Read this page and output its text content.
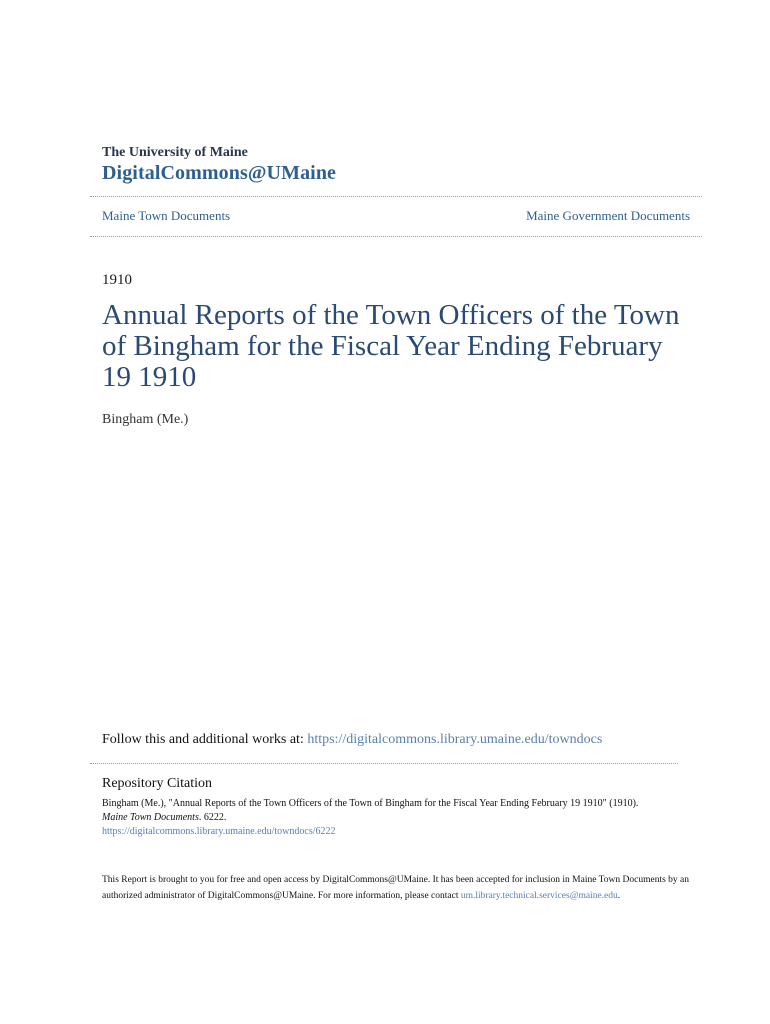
The University of Maine
DigitalCommons@UMaine
Maine Town Documents	Maine Government Documents
1910
Annual Reports of the Town Officers of the Town of Bingham for the Fiscal Year Ending February 19 1910
Bingham (Me.)
Follow this and additional works at: https://digitalcommons.library.umaine.edu/towndocs
Repository Citation
Bingham (Me.), "Annual Reports of the Town Officers of the Town of Bingham for the Fiscal Year Ending February 19 1910" (1910).
Maine Town Documents. 6222.
https://digitalcommons.library.umaine.edu/towndocs/6222
This Report is brought to you for free and open access by DigitalCommons@UMaine. It has been accepted for inclusion in Maine Town Documents by an authorized administrator of DigitalCommons@UMaine. For more information, please contact um.library.technical.services@maine.edu.
